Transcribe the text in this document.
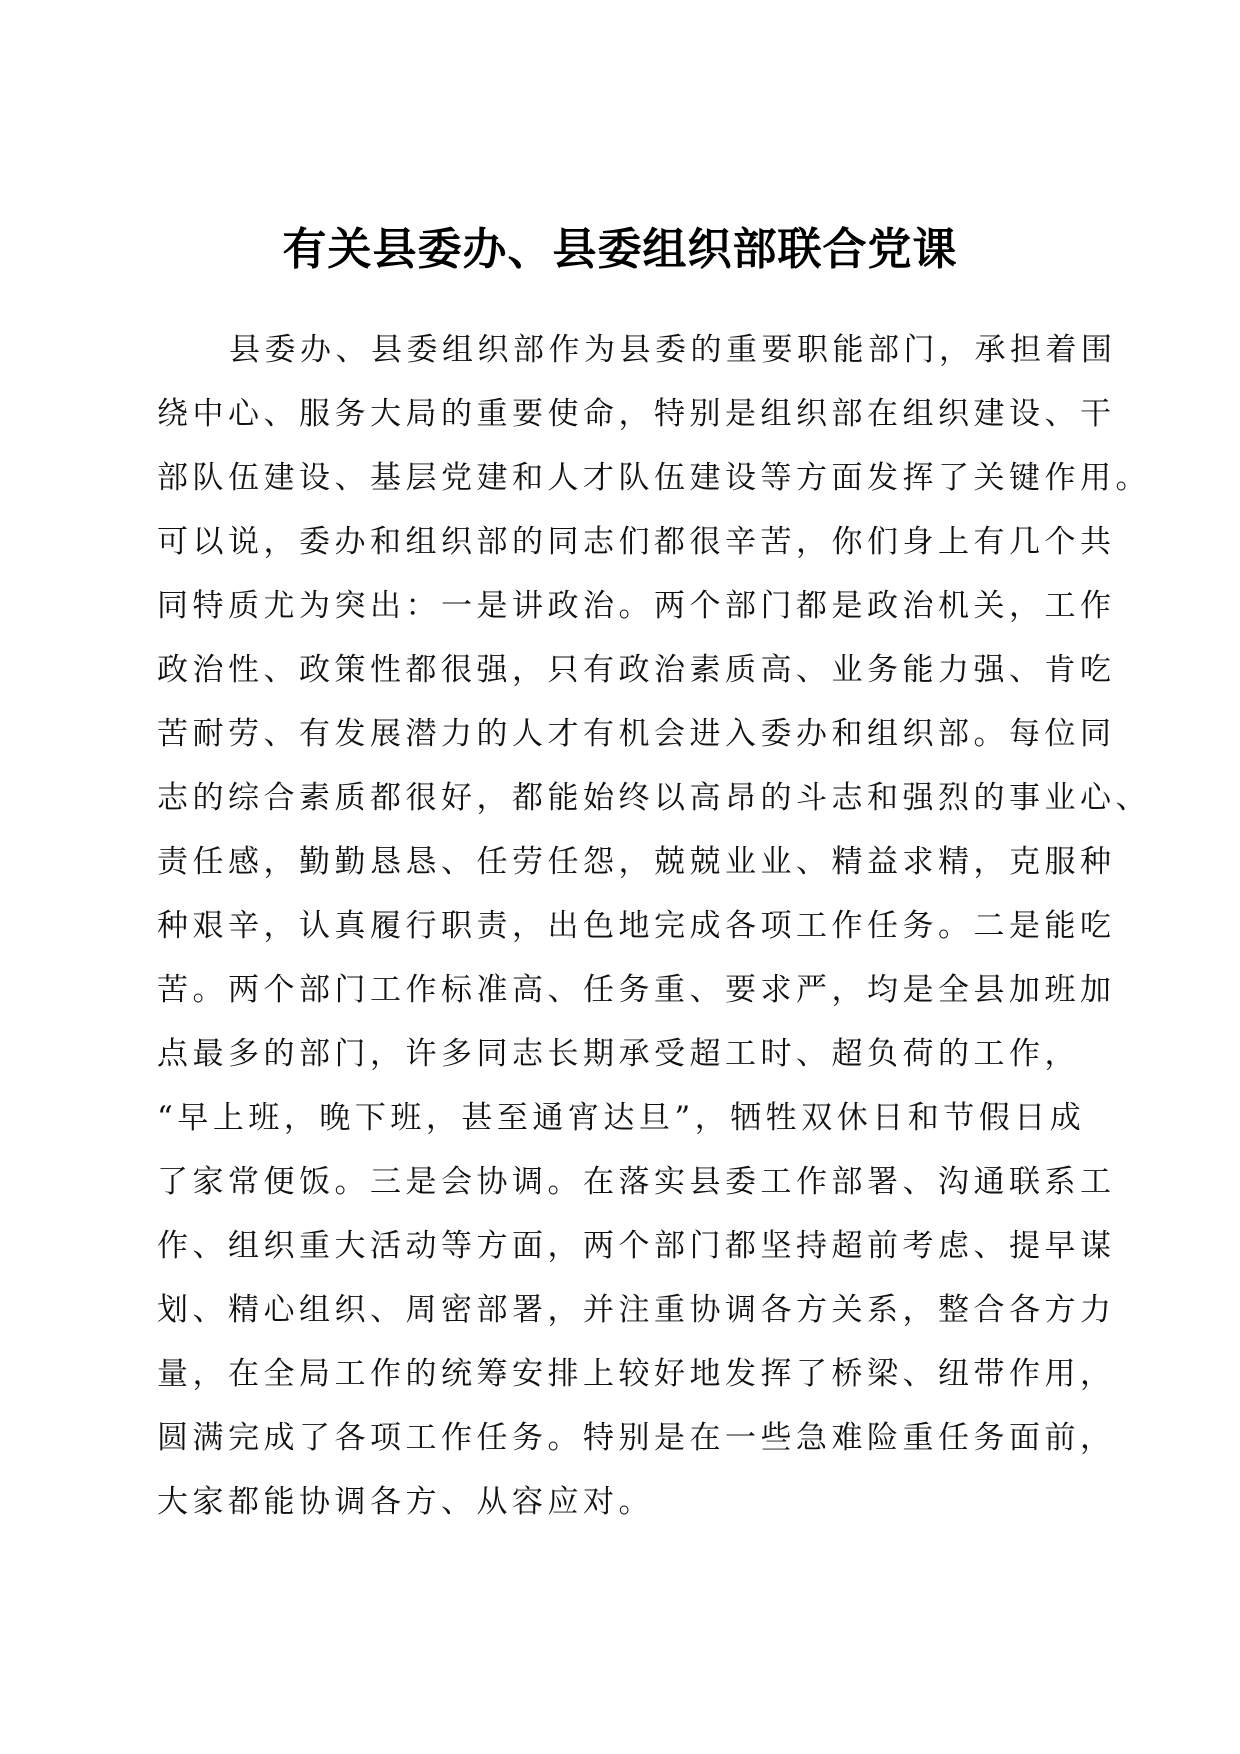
有关县委办、县委组织部联合党课
县委办、县委组织部作为县委的重要职能部门，承担着围
绕中心、服务大局的重要使命，特别是组织部在组织建设、干
部队伍建设、基层党建和人才队伍建设等方面发挥了关键作用。
可以说，委办和组织部的同志们都很辛苦，你们身上有几个共
同特质尤为突出：一是讲政治。两个部门都是政治机关，工作
政治性、政策性都很强，只有政治素质高、业务能力强、肯吃
苦耐劳、有发展潜力的人才有机会进入委办和组织部。每位同
志的综合素质都很好，都能始终以高昂的斗志和强烈的事业心、
责任感，勤勤恳恳、任劳任怨，兢兢业业、精益求精，克服种
种艰辛，认真履行职责，出色地完成各项工作任务。二是能吃
苦。两个部门工作标准高、任务重、要求严，均是全县加班加
点最多的部门，许多同志长期承受超工时、超负荷的工作，
“早上班，晚下班，甚至通宵达旦”，牺牲双休日和节假日成
了家常便饭。三是会协调。在落实县委工作部署、沟通联系工
作、组织重大活动等方面，两个部门都坚持超前考虑、提早谋
划、精心组织、周密部署，并注重协调各方关系，整合各方力
量，在全局工作的统筹安排上较好地发挥了桥梁、纽带作用，
圆满完成了各项工作任务。特别是在一些急难险重任务面前，
大家都能协调各方、从容应对。
